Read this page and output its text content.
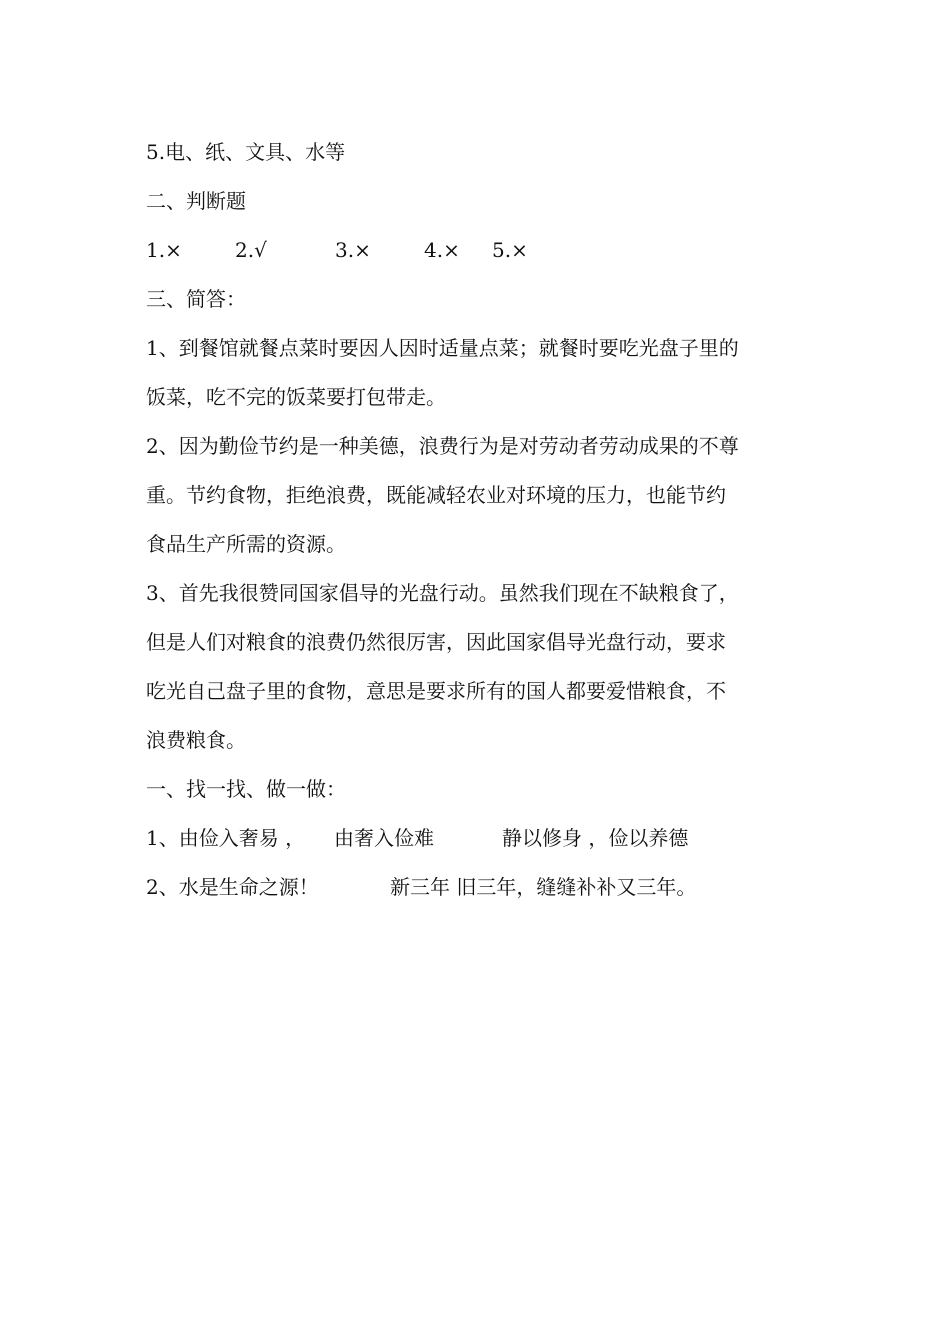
5.电、纸、文具、水等

二、判断题

1.×	2.√	3.×	4.× 5.×

三、简答：

1、到餐馆就餐点菜时要因人因时适量点菜；就餐时要吃光盘子里的

饭菜，吃不完的饭菜要打包带走。

2、因为勤俭节约是一种美德，浪费行为是对劳动者劳动成果的不尊

重。节约食物，拒绝浪费，既能减轻农业对环境的压力，也能节约

食品生产所需的资源。

3、首先我很赞同国家倡导的光盘行动。虽然我们现在不缺粮食了，

但是人们对粮食的浪费仍然很厉害，因此国家倡导光盘行动，要求

吃光自己盘子里的食物，意思是要求所有的国人都要爱惜粮食，不

浪费粮食。

一、找一找、做一做：

1、由俭入奢易 ， 由奢入俭难	静以修身 ，俭以养德

2、水是生命之源！	新三年 旧三年，缝缝补补又三年。
